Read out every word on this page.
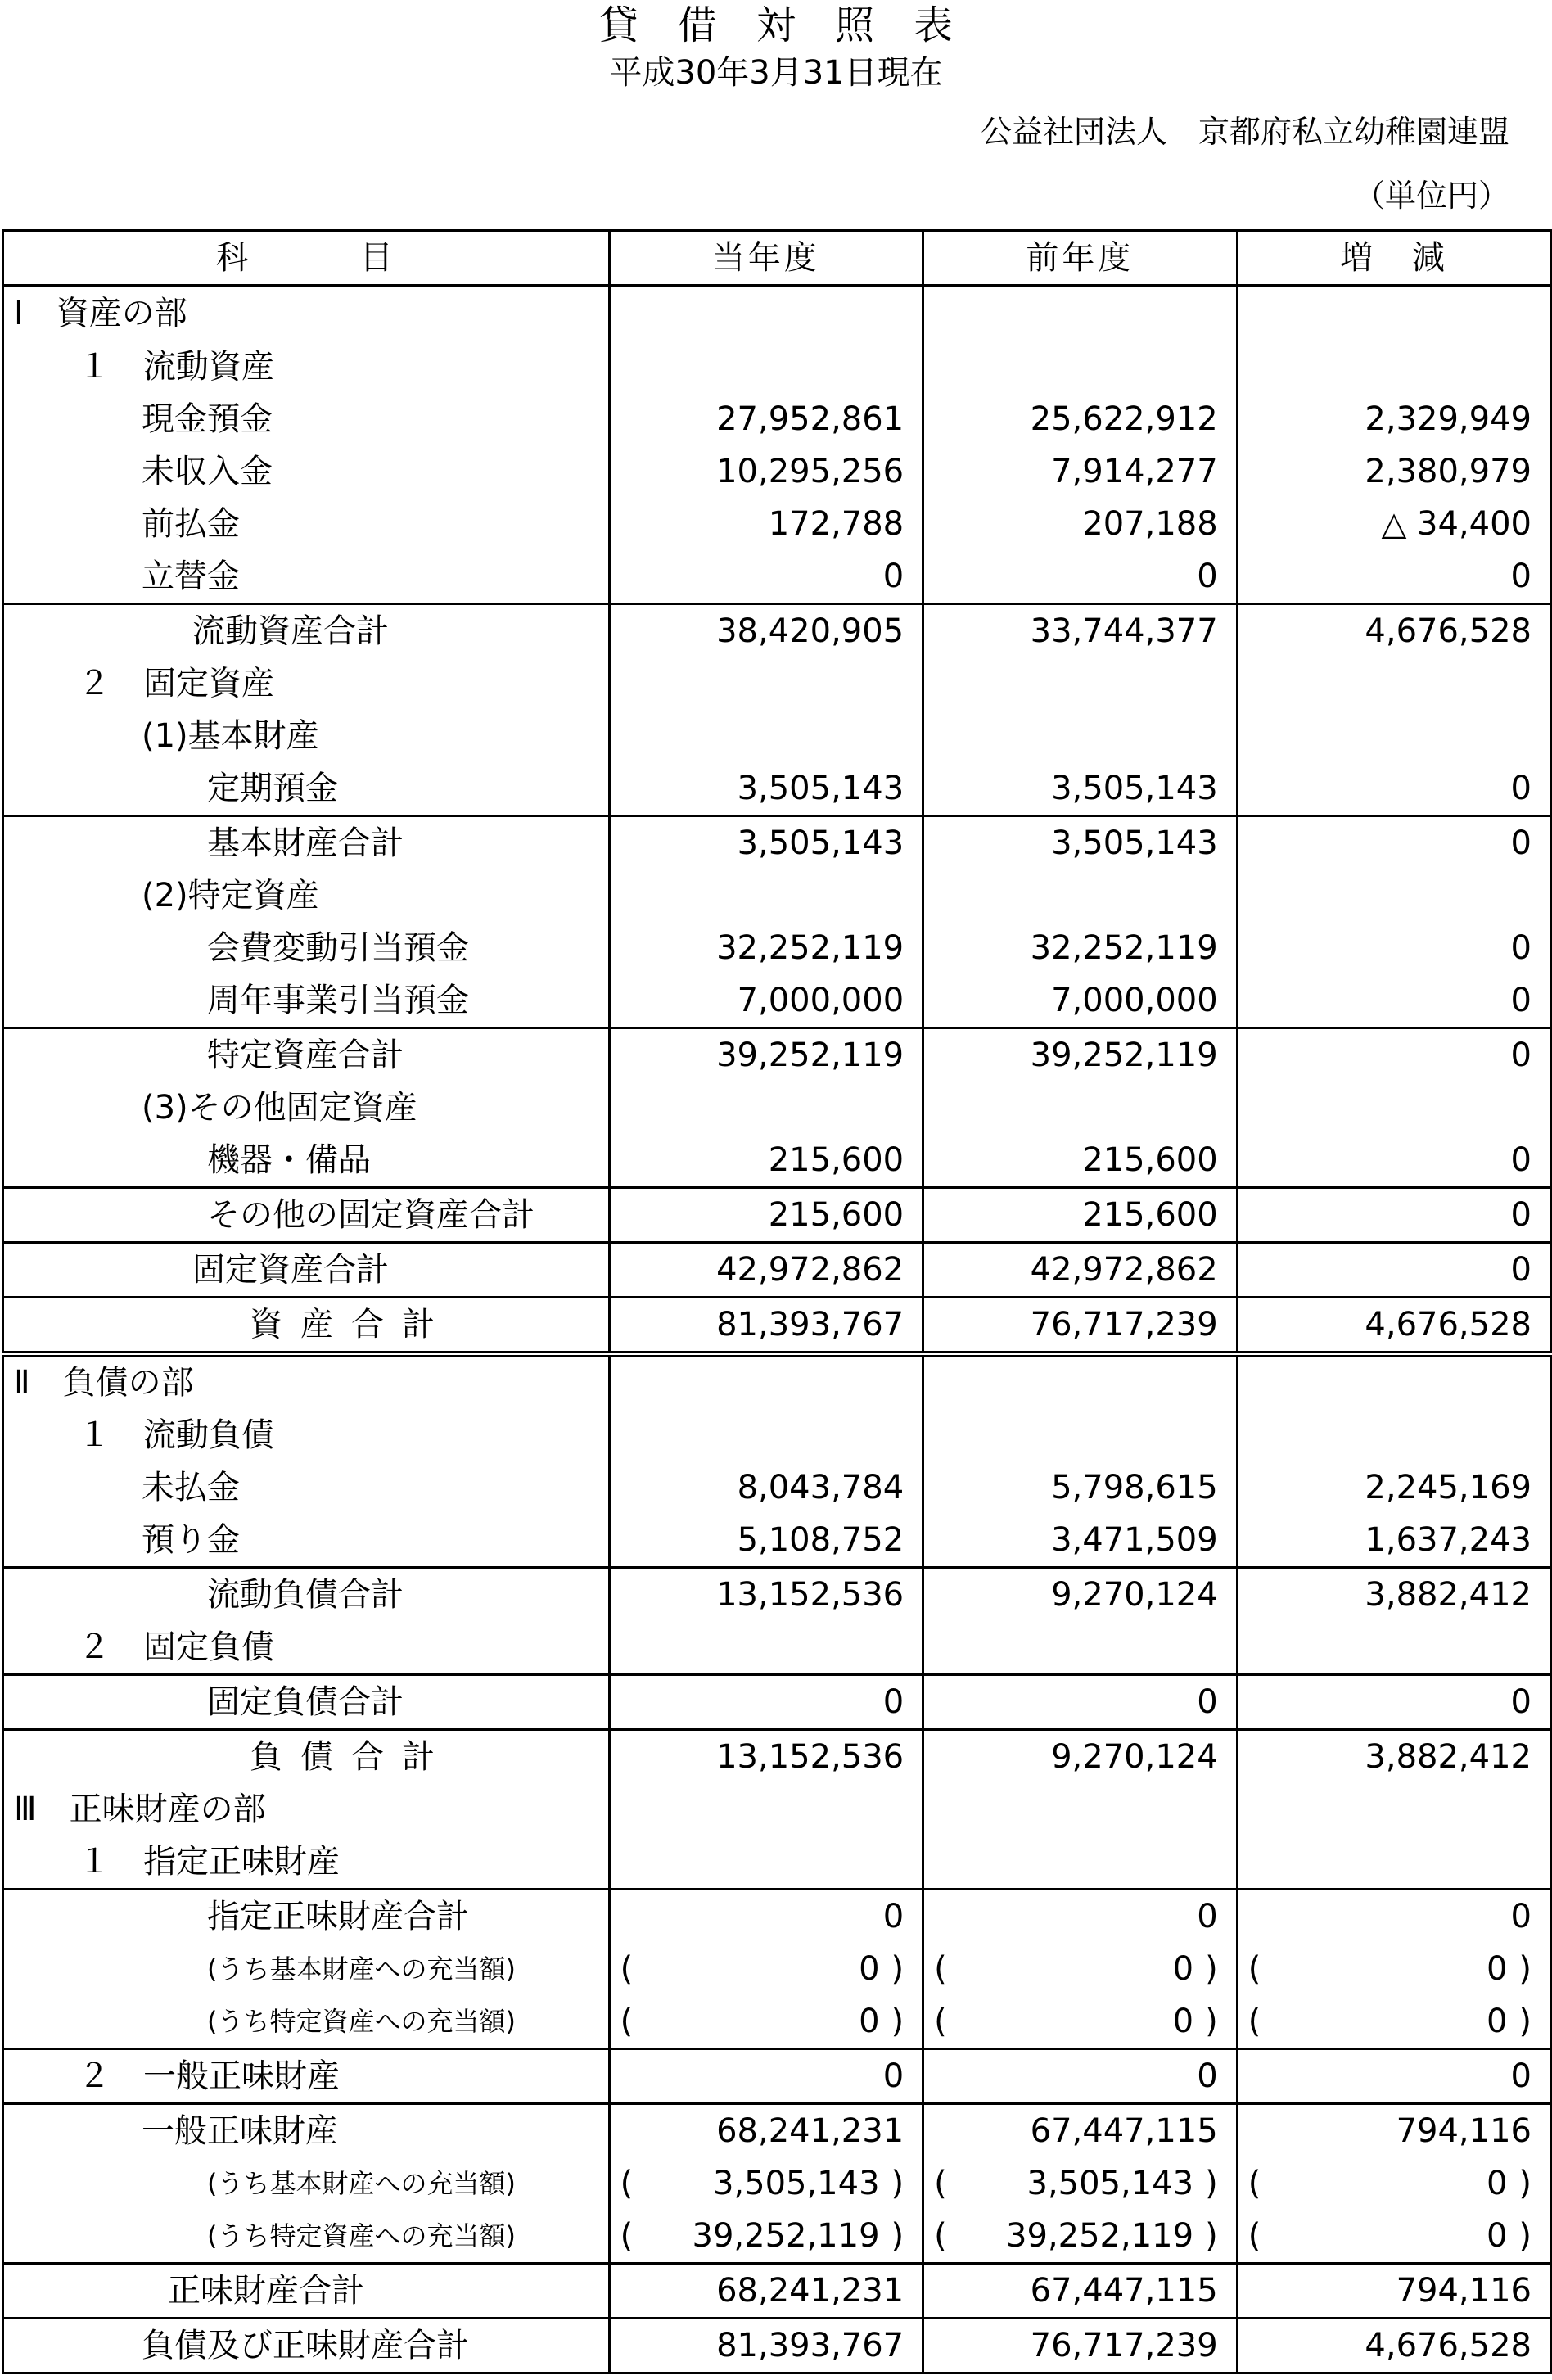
貸借対照表
平成30年3月31日現在
公益社団法人　京都府私立幼稚園連盟
（単位円）
科　　　目	当年度	前年度	増　減
Ⅰ　資産の部			
１　流動資産			
現金預金	27,952,861	25,622,912	2,329,949
未収入金	10,295,256	7,914,277	2,380,979
前払金	172,788	207,188	△ 34,400
立替金	0	0	0
流動資産合計	38,420,905	33,744,377	4,676,528
２　固定資産			
(1)基本財産			
定期預金	3,505,143	3,505,143	0
基本財産合計	3,505,143	3,505,143	0
(2)特定資産			
会費変動引当預金	32,252,119	32,252,119	0
周年事業引当預金	7,000,000	7,000,000	0
特定資産合計	39,252,119	39,252,119	0
(3)その他固定資産			
機器・備品	215,600	215,600	0
その他の固定資産合計	215,600	215,600	0
固定資産合計	42,972,862	42,972,862	0
資産合計	81,393,767	76,717,239	4,676,528
Ⅱ　負債の部			
１　流動負債			
未払金	8,043,784	5,798,615	2,245,169
預り金	5,108,752	3,471,509	1,637,243
流動負債合計	13,152,536	9,270,124	3,882,412
２　固定負債			
固定負債合計	0	0	0
負債合計	13,152,536	9,270,124	3,882,412
Ⅲ　正味財産の部			
１　指定正味財産			
指定正味財産合計	0	0	0
(うち基本財産への充当額)	( 0 )	( 0 )	( 0 )
(うち特定資産への充当額)	( 0 )	( 0 )	( 0 )
２　一般正味財産	0	0	0
一般正味財産	68,241,231	67,447,115	794,116
(うち基本財産への充当額)	( 3,505,143 )	( 3,505,143 )	( 0 )
(うち特定資産への充当額)	( 39,252,119 )	( 39,252,119 )	( 0 )
正味財産合計	68,241,231	67,447,115	794,116
負債及び正味財産合計	81,393,767	76,717,239	4,676,528
